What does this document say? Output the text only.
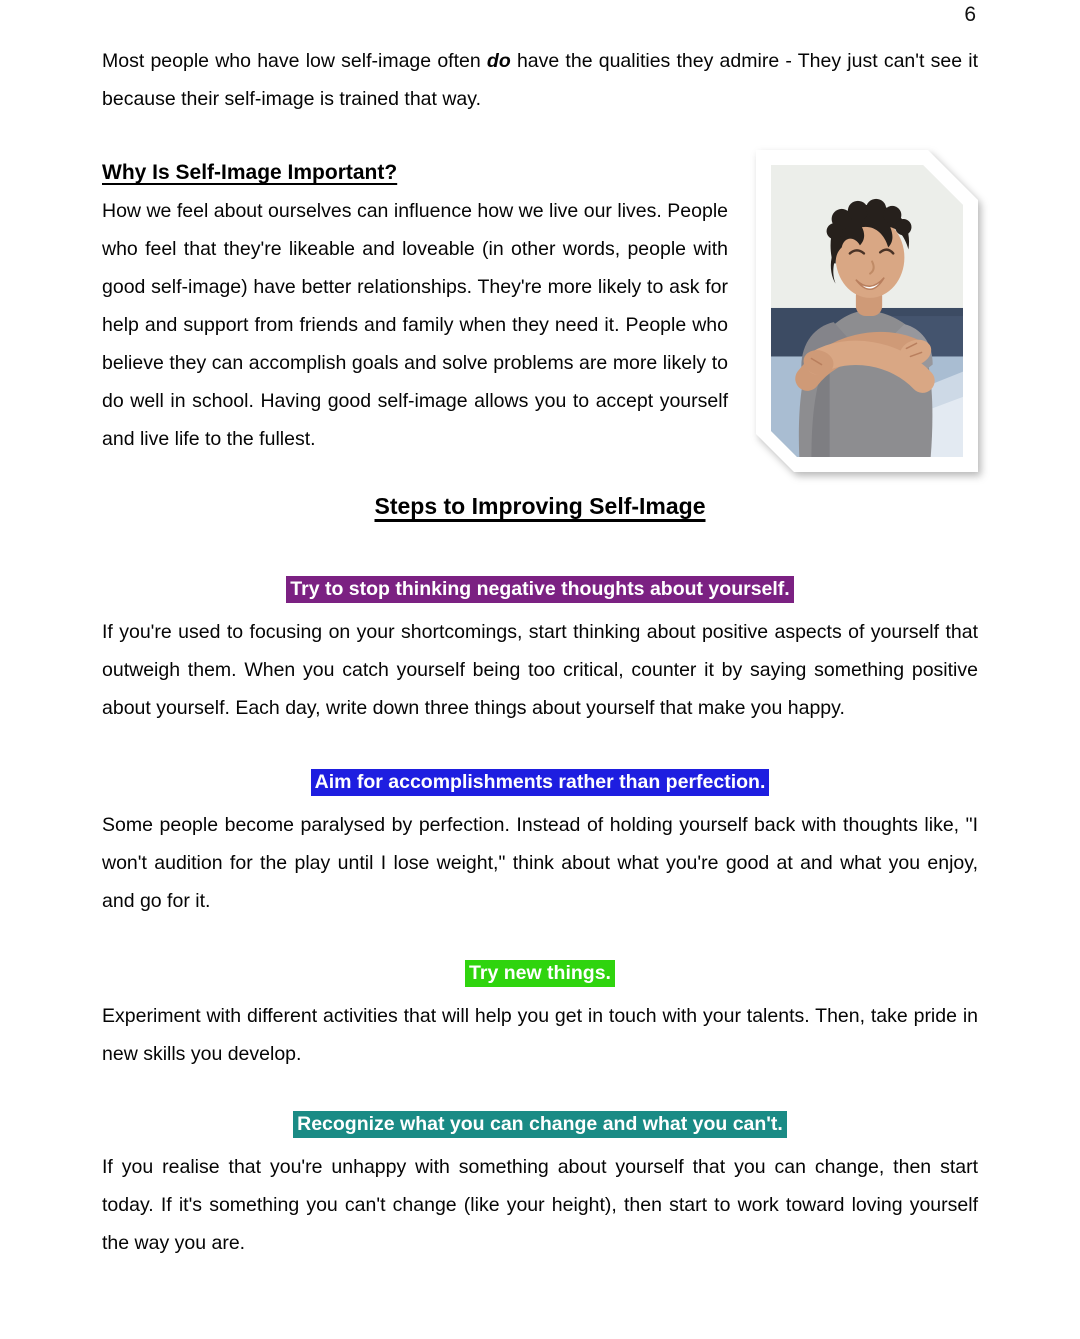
6

Most people who have low self-image often do have the qualities they admire - They just can't see it because their self-image is trained that way.

Why Is Self-Image Important?

How we feel about ourselves can influence how we live our lives. People who feel that they're likeable and loveable (in other words, people with good self-image) have better relationships. They're more likely to ask for help and support from friends and family when they need it. People who believe they can accomplish goals and solve problems are more likely to do well in school. Having good self-image allows you to accept yourself and live life to the fullest.

Steps to Improving Self-Image
Try to stop thinking negative thoughts about yourself.

If you're used to focusing on your shortcomings, start thinking about positive aspects of yourself that outweigh them. When you catch yourself being too critical, counter it by saying something positive about yourself. Each day, write down three things about yourself that make you happy.

Aim for accomplishments rather than perfection.

Some people become paralysed by perfection. Instead of holding yourself back with thoughts like, "I won't audition for the play until I lose weight," think about what you're good at and what you enjoy, and go for it.

Try new things.

Experiment with different activities that will help you get in touch with your talents. Then, take pride in new skills you develop.

Recognize what you can change and what you can't.

If you realise that you're unhappy with something about yourself that you can change, then start today. If it's something you can't change (like your height), then start to work toward loving yourself the way you are.
